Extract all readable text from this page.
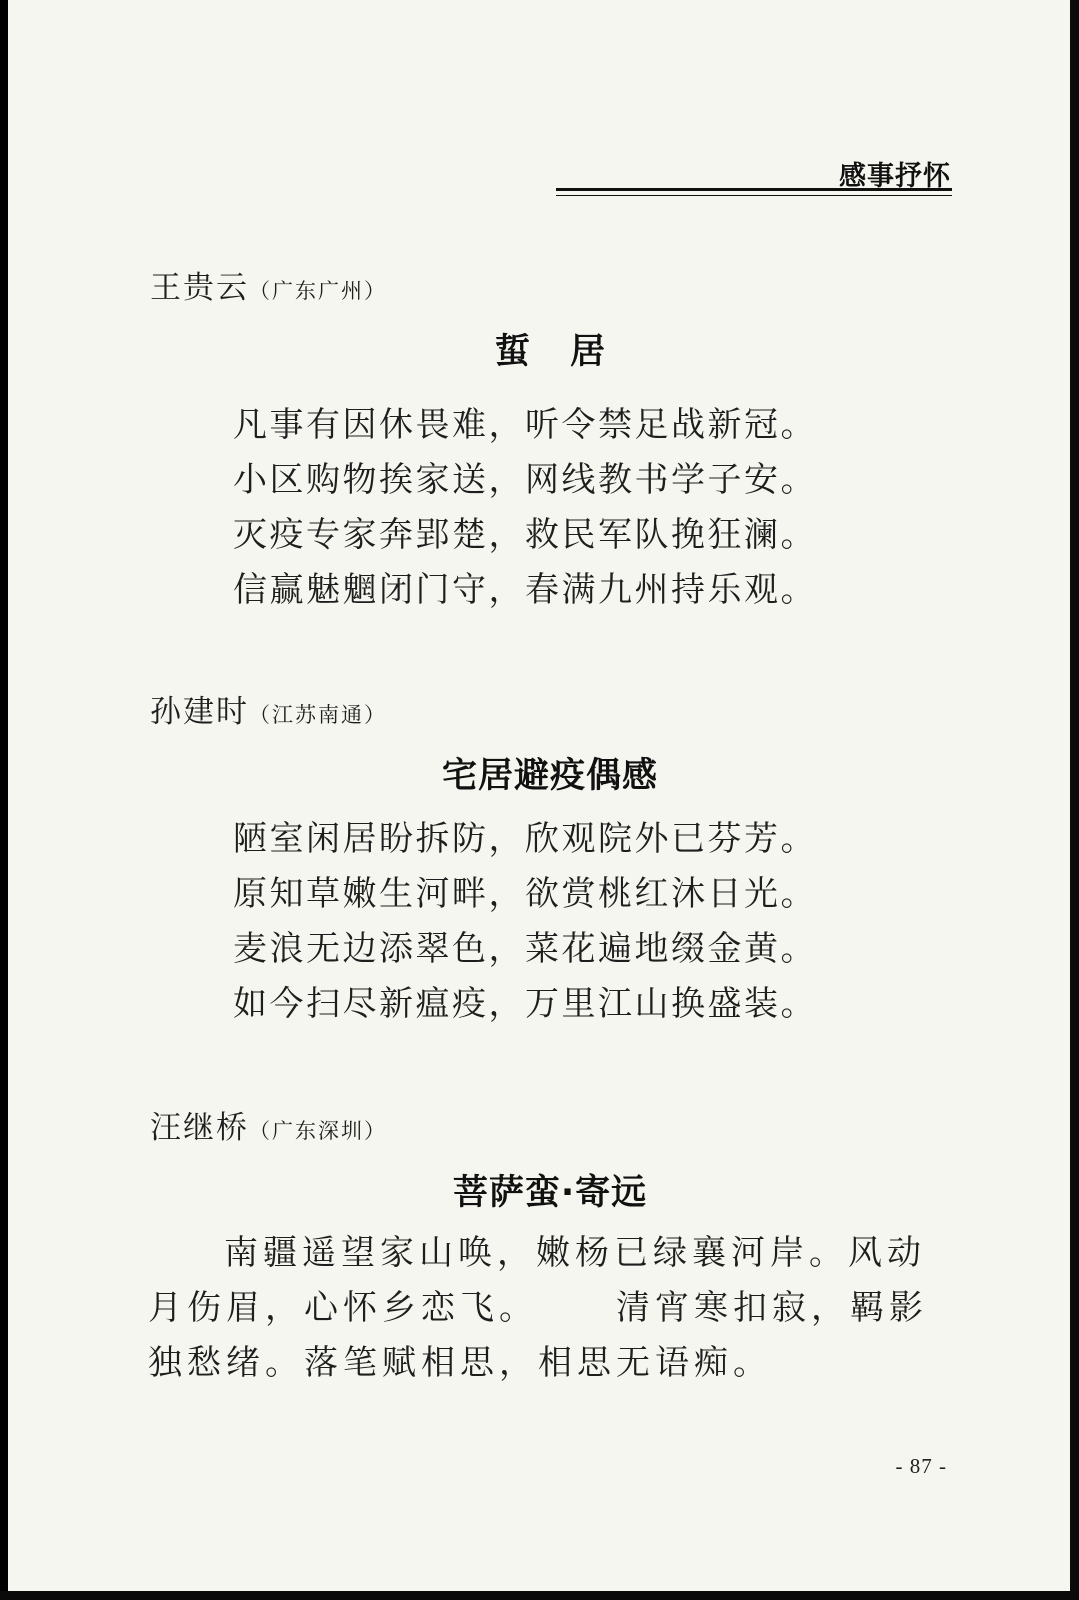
感事抒怀
王贵云（广东广州）
蜇居
凡事有因休畏难，听令禁足战新冠。
小区购物挨家送，网线教书学子安。
灭疫专家奔郢楚，救民军队挽狂澜。
信赢魅魍闭门守，春满九州持乐观。
孙建时（江苏南通）
宅居避疫偶感
陋室闲居盼拆防，欣观院外已芬芳。
原知草嫩生河畔，欲赏桃红沐日光。
麦浪无边添翠色，菜花遍地缀金黄。
如今扫尽新瘟疫，万里江山换盛装。
汪继桥（广东深圳）
菩萨蛮·寄远

南疆遥望家山唤，嫩杨已绿襄河岸。风动月伤眉，心怀乡恋飞。 清宵寒扣寂，羁影独愁绪。落笔赋相思，相思无语痴。

- 87 -
